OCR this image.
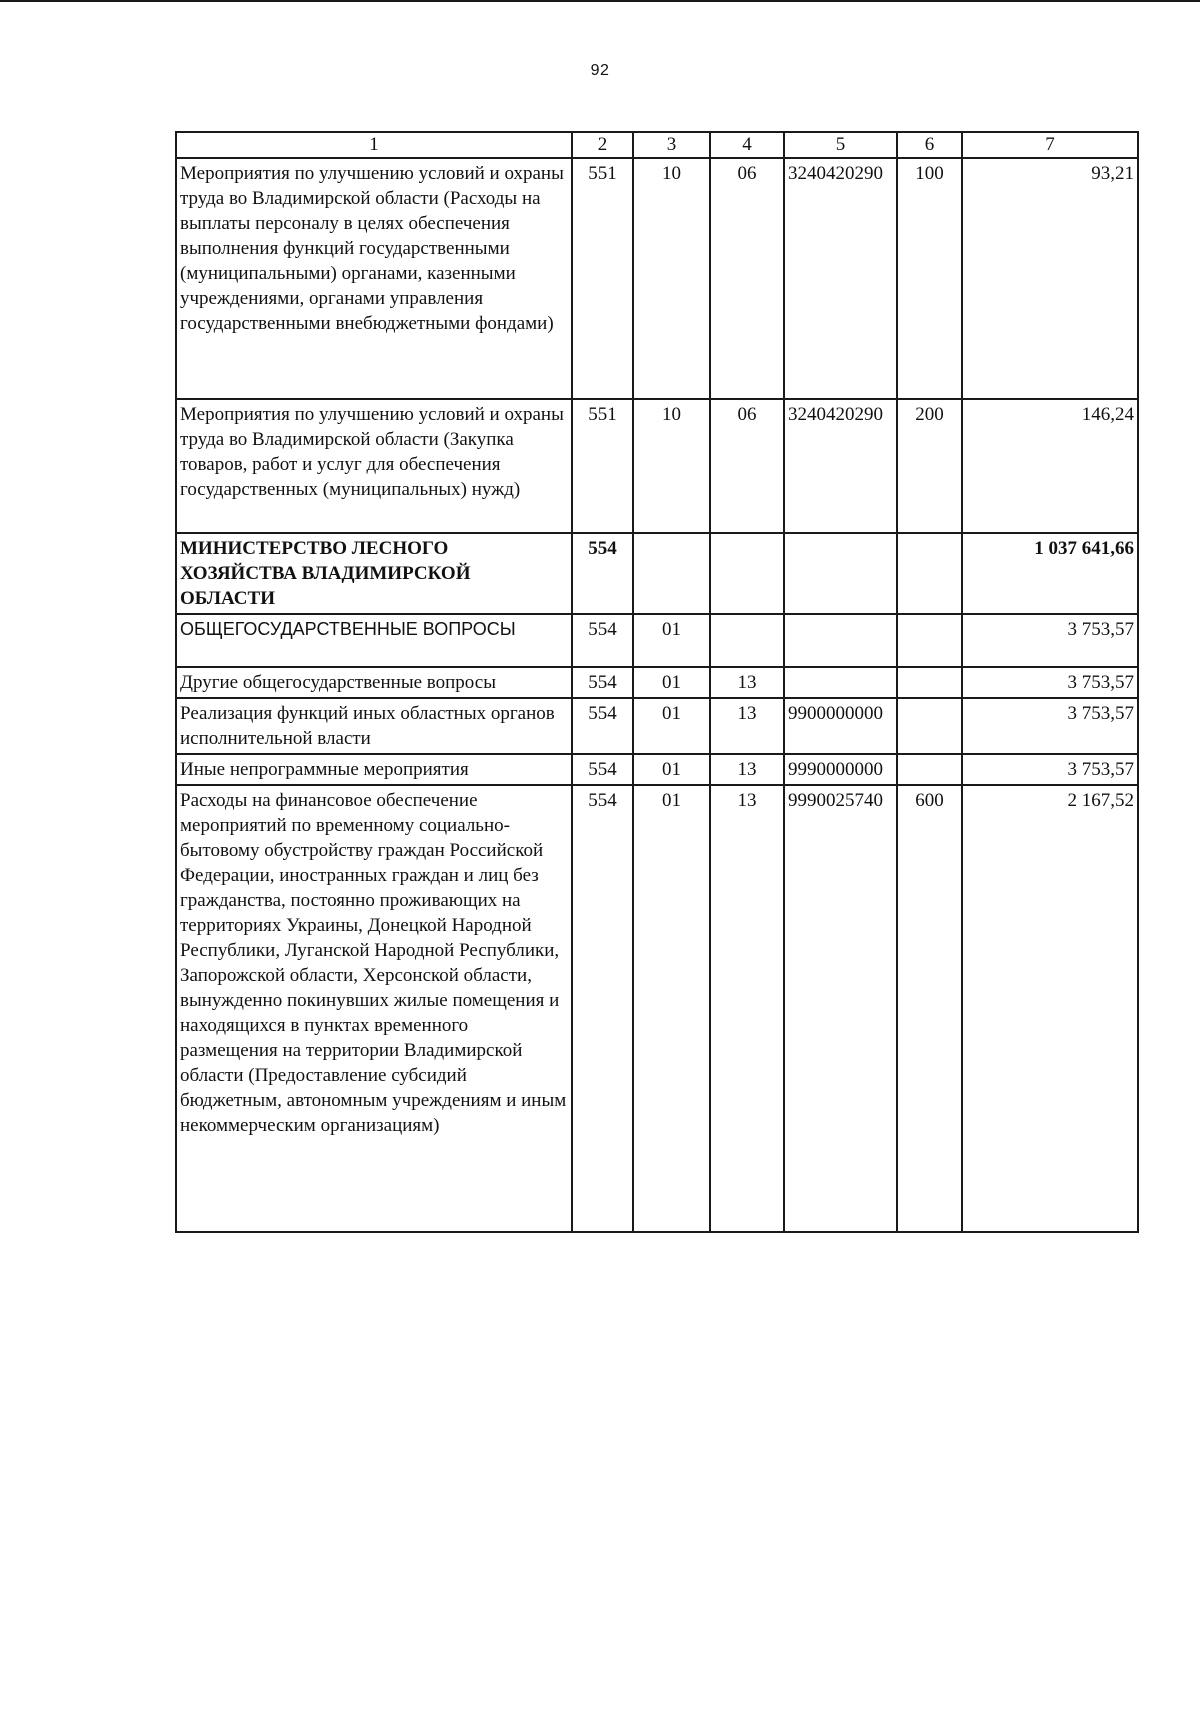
92
1	2	3	4	5	6	7
Мероприятия по улучшению условий и охраны труда во Владимирской области (Расходы на выплаты персоналу в целях обеспечения выполнения функций государственными (муниципальными) органами, казенными учреждениями, органами управления государственными внебюджетными фондами)	551	10	06	3240420290	100	93,21
Мероприятия по улучшению условий и охраны труда во Владимирской области (Закупка товаров, работ и услуг для обеспечения государственных (муниципальных) нужд)	551	10	06	3240420290	200	146,24
МИНИСТЕРСТВО ЛЕСНОГО ХОЗЯЙСТВА ВЛАДИМИРСКОЙ ОБЛАСТИ	554					1 037 641,66
ОБЩЕГОСУДАРСТВЕННЫЕ ВОПРОСЫ	554	01				3 753,57
Другие общегосударственные вопросы	554	01	13			3 753,57
Реализация функций иных областных органов исполнительной власти	554	01	13	9900000000		3 753,57
Иные непрограммные мероприятия	554	01	13	9990000000		3 753,57
Расходы на финансовое обеспечение мероприятий по временному социально-бытовому обустройству граждан Российской Федерации, иностранных граждан и лиц без гражданства, постоянно проживающих на территориях Украины, Донецкой Народной Республики, Луганской Народной Республики, Запорожской области, Херсонской области, вынужденно покинувших жилые помещения и находящихся в пунктах временного размещения на территории Владимирской области (Предоставление субсидий бюджетным, автономным учреждениям и иным некоммерческим организациям)	554	01	13	9990025740	600	2 167,52
